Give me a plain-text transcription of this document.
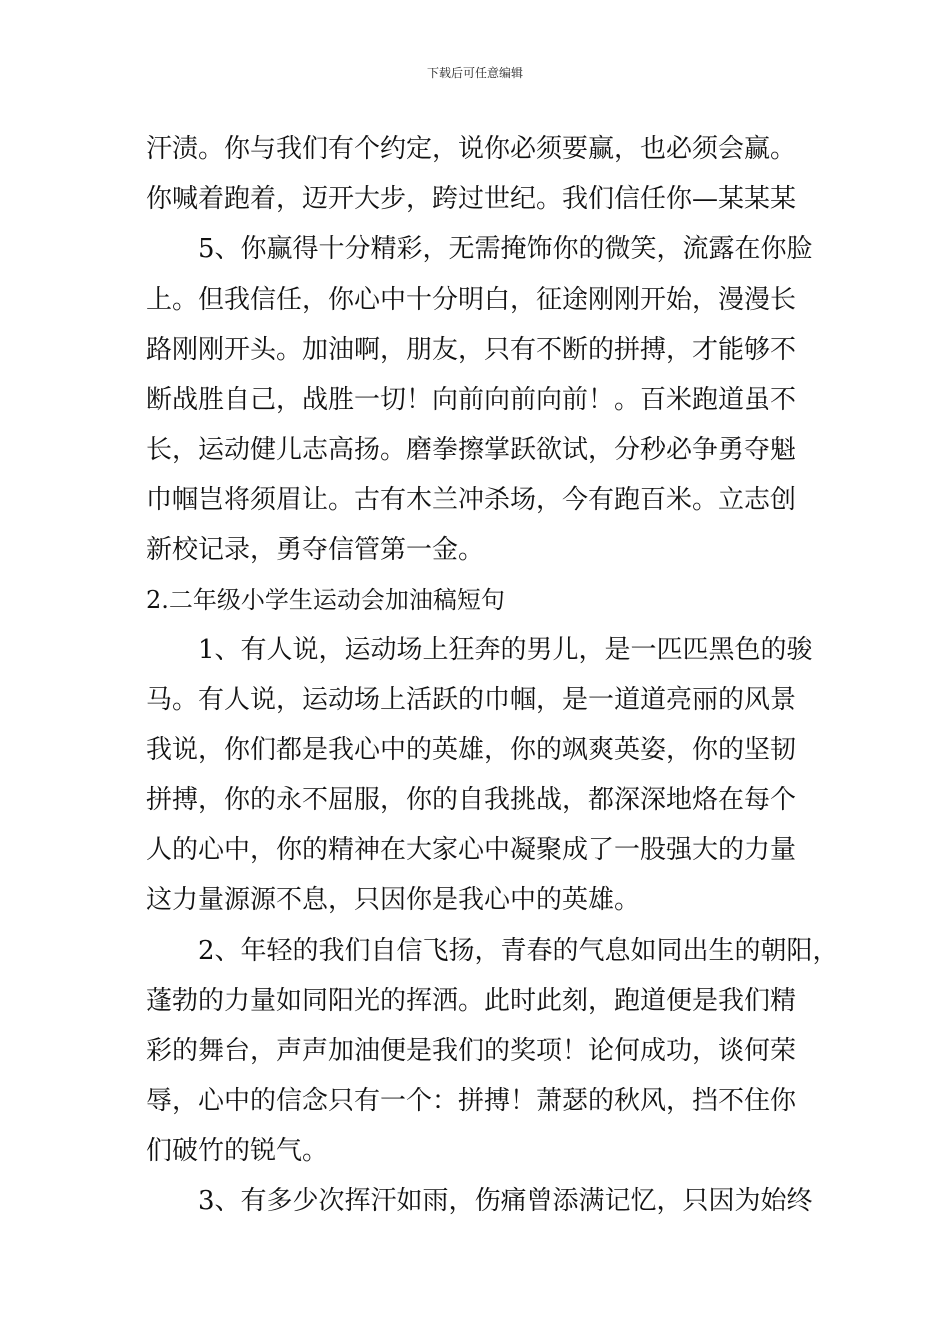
下载后可任意编辑
汗渍。你与我们有个约定，说你必须要赢，也必须会赢。
你喊着跑着，迈开大步，跨过世纪。我们信任你—某某某
　　5、你赢得十分精彩，无需掩饰你的微笑，流露在你脸
上。但我信任，你心中十分明白，征途刚刚开始，漫漫长
路刚刚开头。加油啊，朋友，只有不断的拼搏，才能够不
断战胜自己，战胜一切！向前向前向前！。百米跑道虽不
长，运动健儿志高扬。磨拳擦掌跃欲试，分秒必争勇夺魁
巾帼岂将须眉让。古有木兰冲杀场，今有跑百米。立志创
新校记录，勇夺信管第一金。
2.二年级小学生运动会加油稿短句
　　1、有人说，运动场上狂奔的男儿，是一匹匹黑色的骏
马。有人说，运动场上活跃的巾帼，是一道道亮丽的风景
我说，你们都是我心中的英雄，你的飒爽英姿，你的坚韧
拼搏，你的永不屈服，你的自我挑战，都深深地烙在每个
人的心中，你的精神在大家心中凝聚成了一股强大的力量
这力量源源不息，只因你是我心中的英雄。
　　2、年轻的我们自信飞扬，青春的气息如同出生的朝阳，
蓬勃的力量如同阳光的挥洒。此时此刻，跑道便是我们精
彩的舞台，声声加油便是我们的奖项！论何成功，谈何荣
辱，心中的信念只有一个：拼搏！萧瑟的秋风，挡不住你
们破竹的锐气。
　　3、有多少次挥汗如雨，伤痛曾添满记忆，只因为始终
